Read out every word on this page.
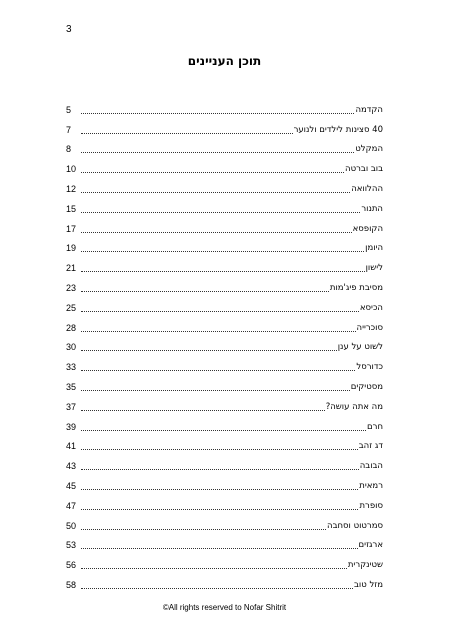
3
תוכן העניינים
5	הקדמה
7	40 סצינות לילדים ולנוער
8	המקלט
10	בוב וברטה
12	ההלוואה
15	התנור
17	הקופסא
19	היומן
21	לישון
23	מסיבת פיג'מות
25	הכיסא
28	סוכרייה
30	לשוט על ענן
33	כדורסל
35	מסטיקים
37	מה אתה עושה?
39	חרם
41	דג זהב
43	הבובה
45	רמאית
47	סופרת
50	סמרטוט וסחבה
53	ארגזים
56	שטינקרית
58	מזל טוב
©All rights reserved to Nofar Shitrit
